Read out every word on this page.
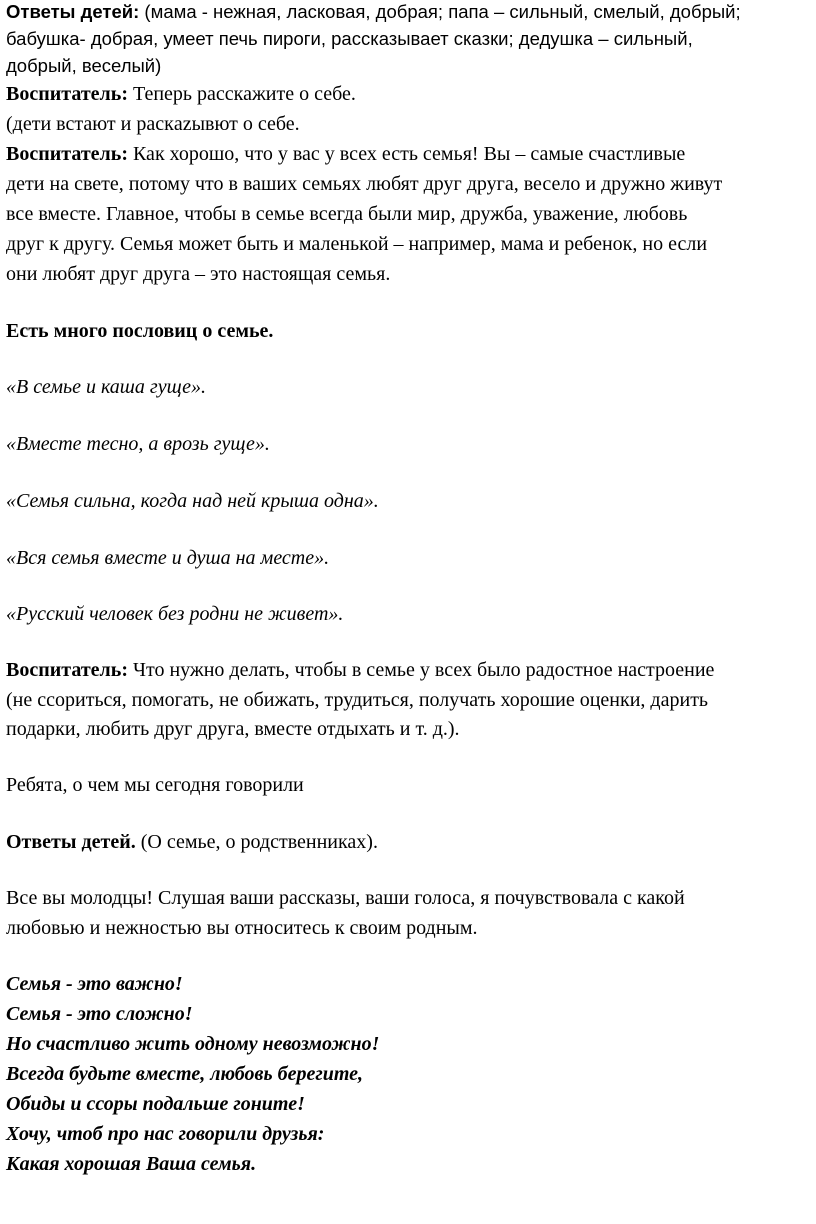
Ответы детей: (мама - нежная, ласковая, добрая; папа – сильный, смелый, добрый;

бабушка- добрая, умеет печь пироги, рассказывает сказки; дедушка – сильный,

добрый, веселый)

Воспитатель: Теперь расскажите о себе.

(дети встают и раскazывют о себе.

Воспитатель: Как хорошо, что у вас у всех есть семья! Вы – самые счастливые

дети на свете, потому что в ваших семьях любят друг друга, весело и дружно живут

все вместе. Главное, чтобы в семье всегда были мир, дружба, уважение, любовь

друг к другу. Семья может быть и маленькой – например, мама и ребенок, но если

они любят друг друга – это настоящая семья.

Есть много пословиц о семье.

«В семье и каша гуще».

«Вместе тесно, а врозь гуще».

«Семья сильна, когда над ней крыша одна».

«Вся семья вместе и душа на месте».

«Русский человек без родни не живет».

Воспитатель: Что нужно делать, чтобы в семье у всех было радостное настроение

(не ссориться, помогать, не обижать, трудиться, получать хорошие оценки, дарить

подарки, любить друг друга, вместе отдыхать и т. д.).

Ребята, о чем мы сегодня говорили

Ответы детей. (О семье, о родственниках).

Все вы молодцы! Слушая ваши рассказы, ваши голоса, я почувствовала с какой

любовью и нежностью вы относитесь к своим родным.

Семья - это важно!

Семья - это сложно!

Но счастливо жить одному невозможно!

Всегда будьте вместе, любовь берегите,

Обиды и ссоры подальше гоните!

Хочу, чтоб про нас говорили друзья:

Какая хорошая Ваша семья.
